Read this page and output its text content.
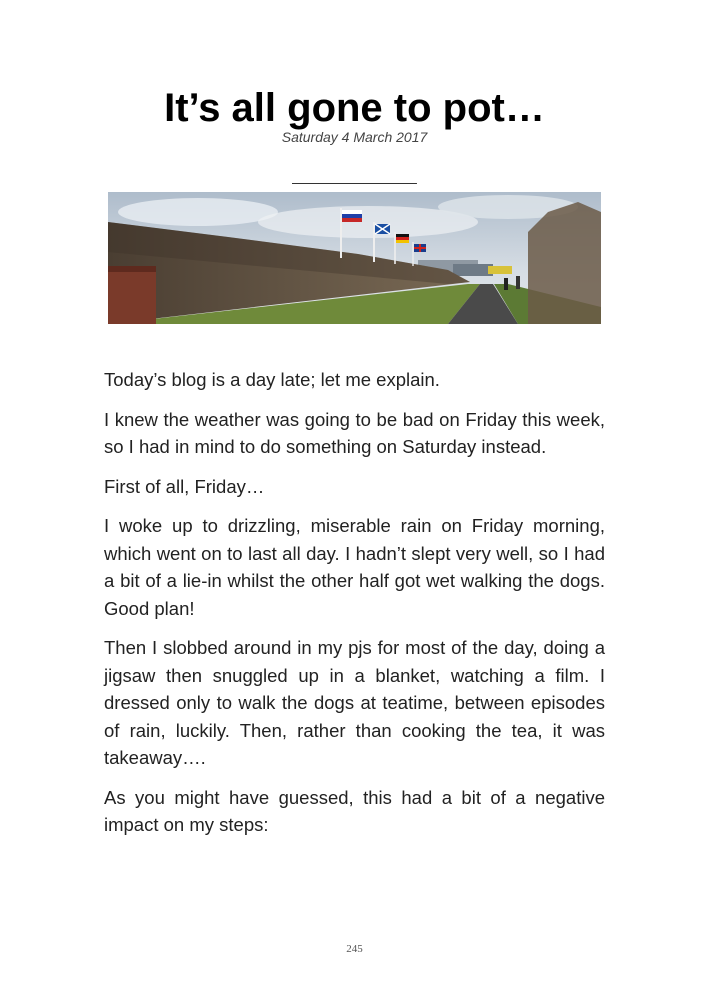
It’s all gone to pot…
Saturday 4 March 2017
______________

Today’s blog is a day late; let me explain.

I knew the weather was going to be bad on Friday this week, so I had in mind to do something on Saturday instead.

First of all, Friday…

I woke up to drizzling, miserable rain on Friday morning, which went on to last all day. I hadn’t slept very well, so I had a bit of a lie-in whilst the other half got wet walking the dogs. Good plan!

Then I slobbed around in my pjs for most of the day, doing a jigsaw then snuggled up in a blanket, watching a film. I dressed only to walk the dogs at teatime, between episodes of rain, luckily. Then, rather than cooking the tea, it was takeaway….

As you might have guessed, this had a bit of a negative impact on my steps:

245
